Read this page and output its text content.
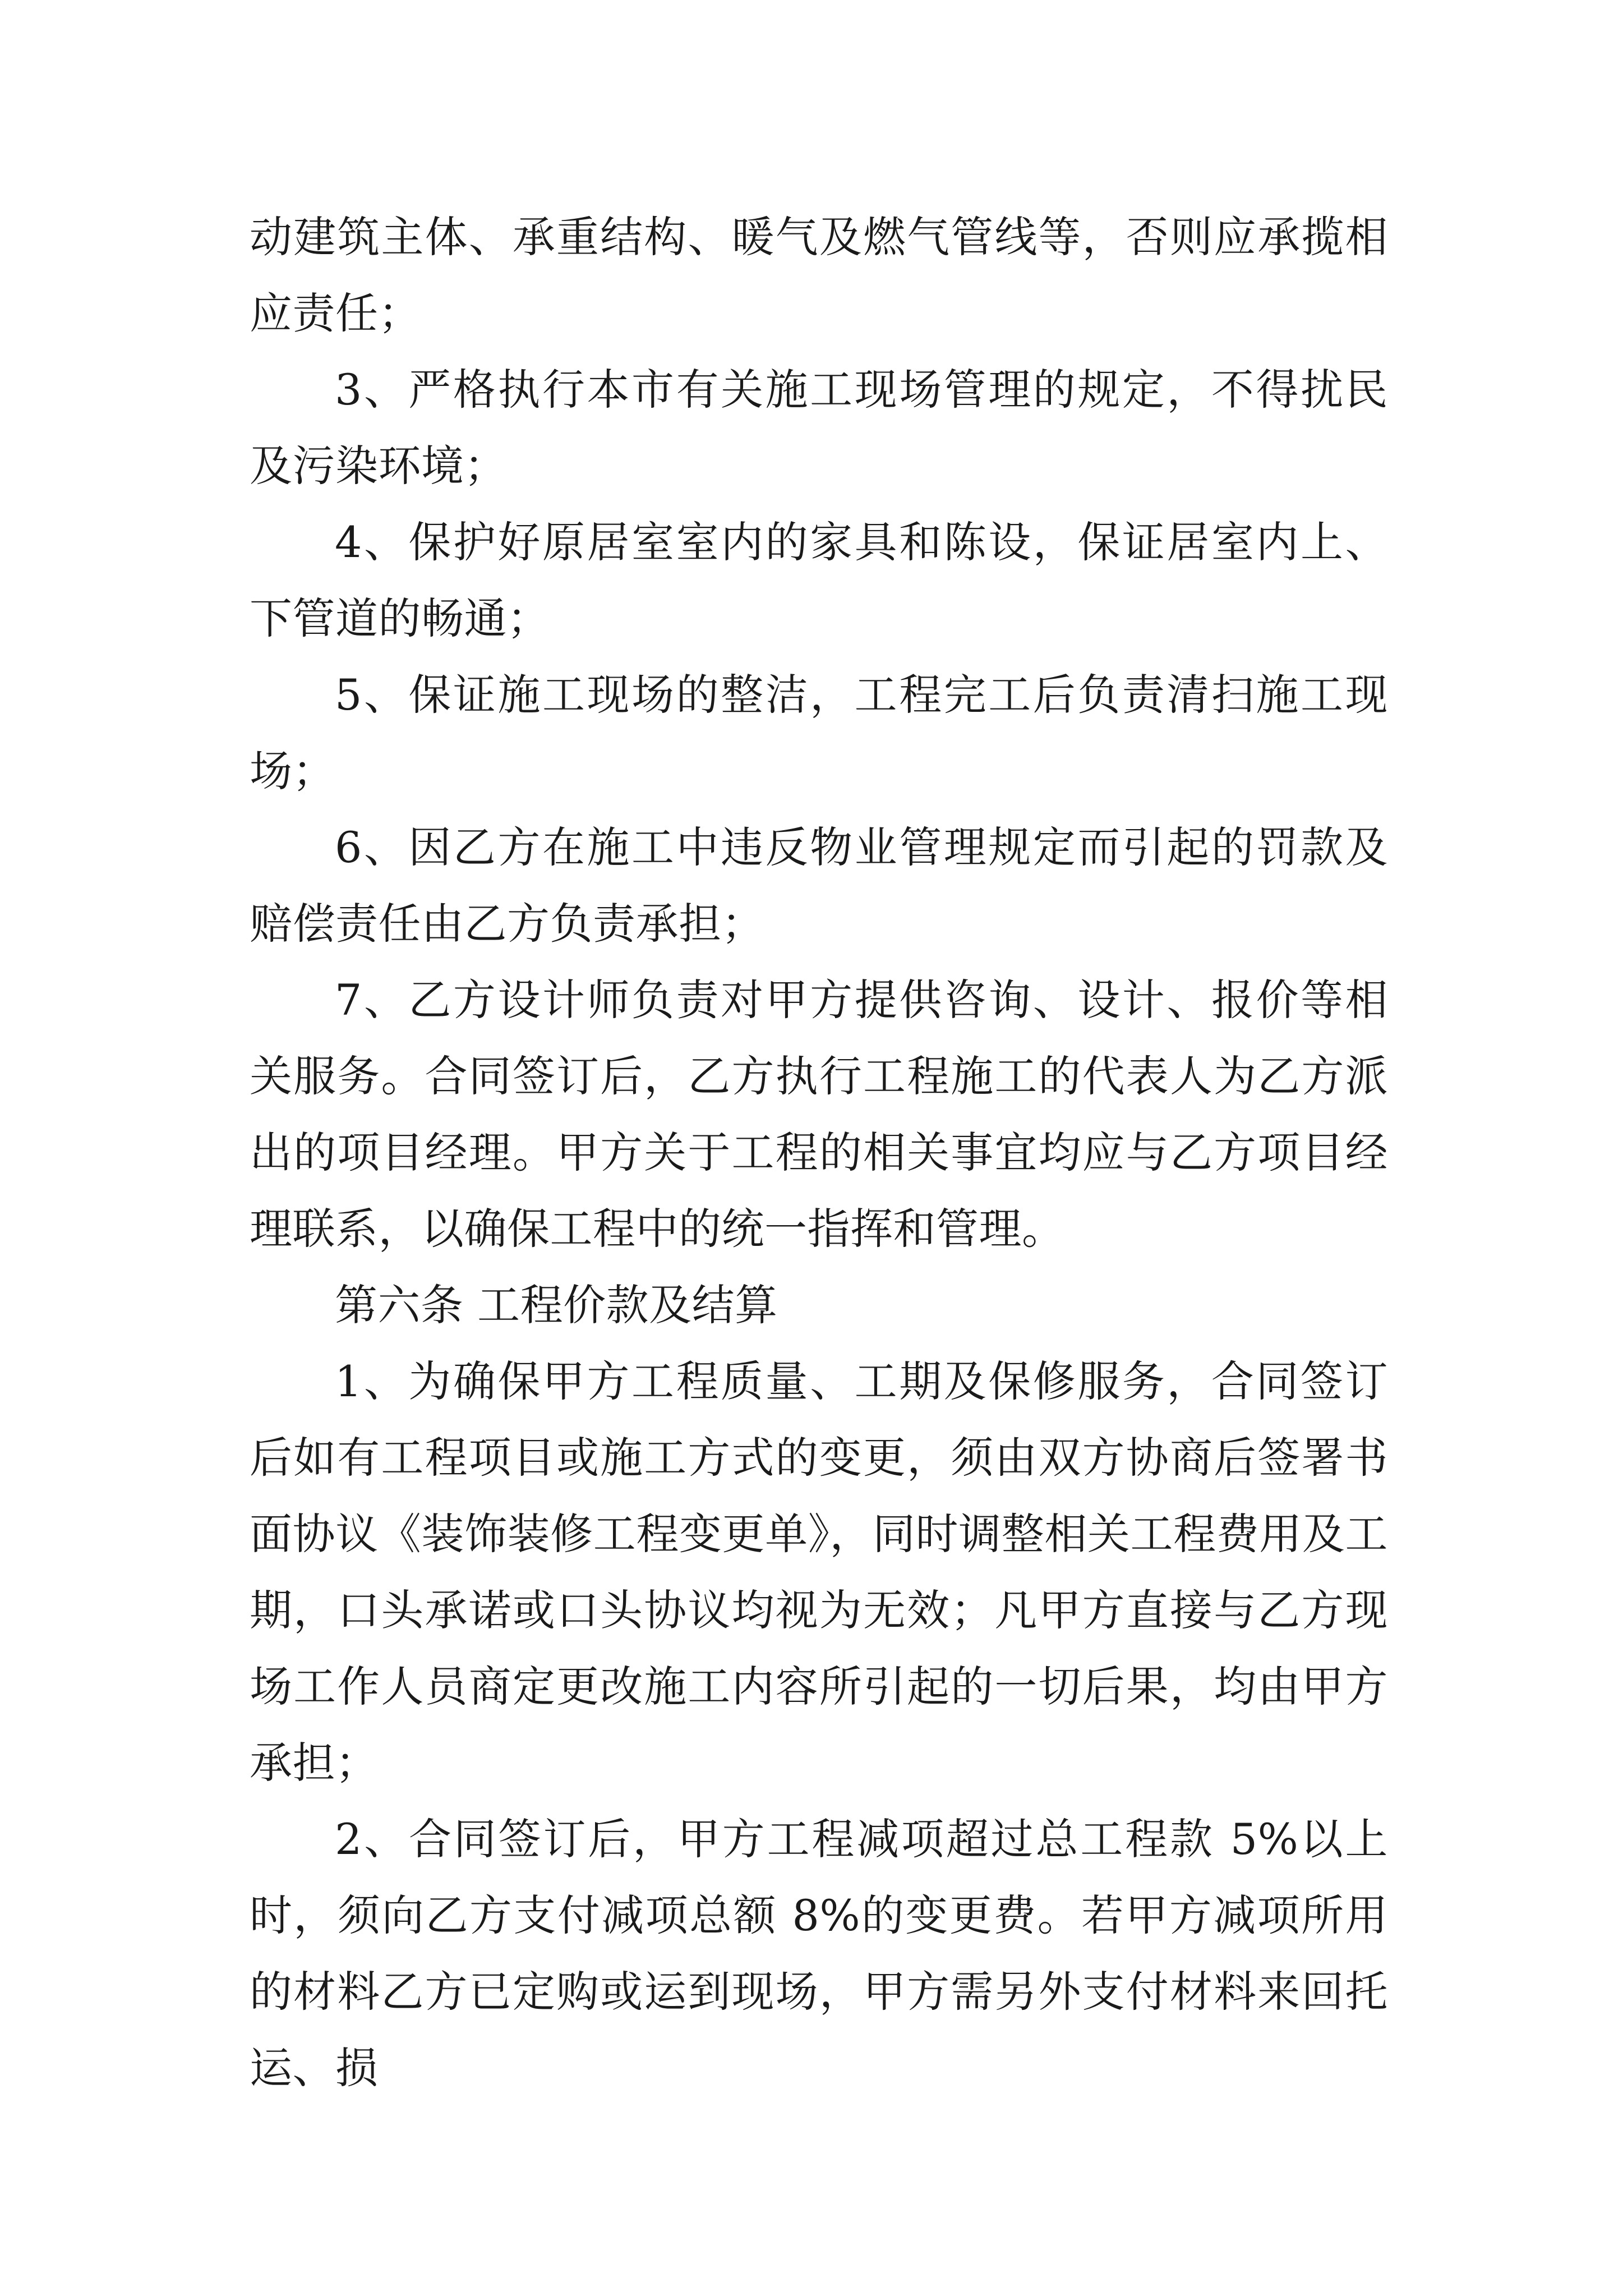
动建筑主体、承重结构、暖气及燃气管线等，否则应承揽相应责任；

3、严格执行本市有关施工现场管理的规定，不得扰民及污染环境；

4、保护好原居室室内的家具和陈设，保证居室内上、下管道的畅通；

5、保证施工现场的整洁，工程完工后负责清扫施工现场；

6、因乙方在施工中违反物业管理规定而引起的罚款及赔偿责任由乙方负责承担；

7、乙方设计师负责对甲方提供咨询、设计、报价等相关服务。合同签订后，乙方执行工程施工的代表人为乙方派出的项目经理。甲方关于工程的相关事宜均应与乙方项目经理联系，以确保工程中的统一指挥和管理。

第六条 工程价款及结算

1、为确保甲方工程质量、工期及保修服务，合同签订后如有工程项目或施工方式的变更，须由双方协商后签署书面协议《装饰装修工程变更单》，同时调整相关工程费用及工期，口头承诺或口头协议均视为无效；凡甲方直接与乙方现场工作人员商定更改施工内容所引起的一切后果，均由甲方承担；

2、合同签订后，甲方工程减项超过总工程款 5%以上时，须向乙方支付减项总额 8%的变更费。若甲方减项所用的材料乙方已定购或运到现场，甲方需另外支付材料来回托运、损
